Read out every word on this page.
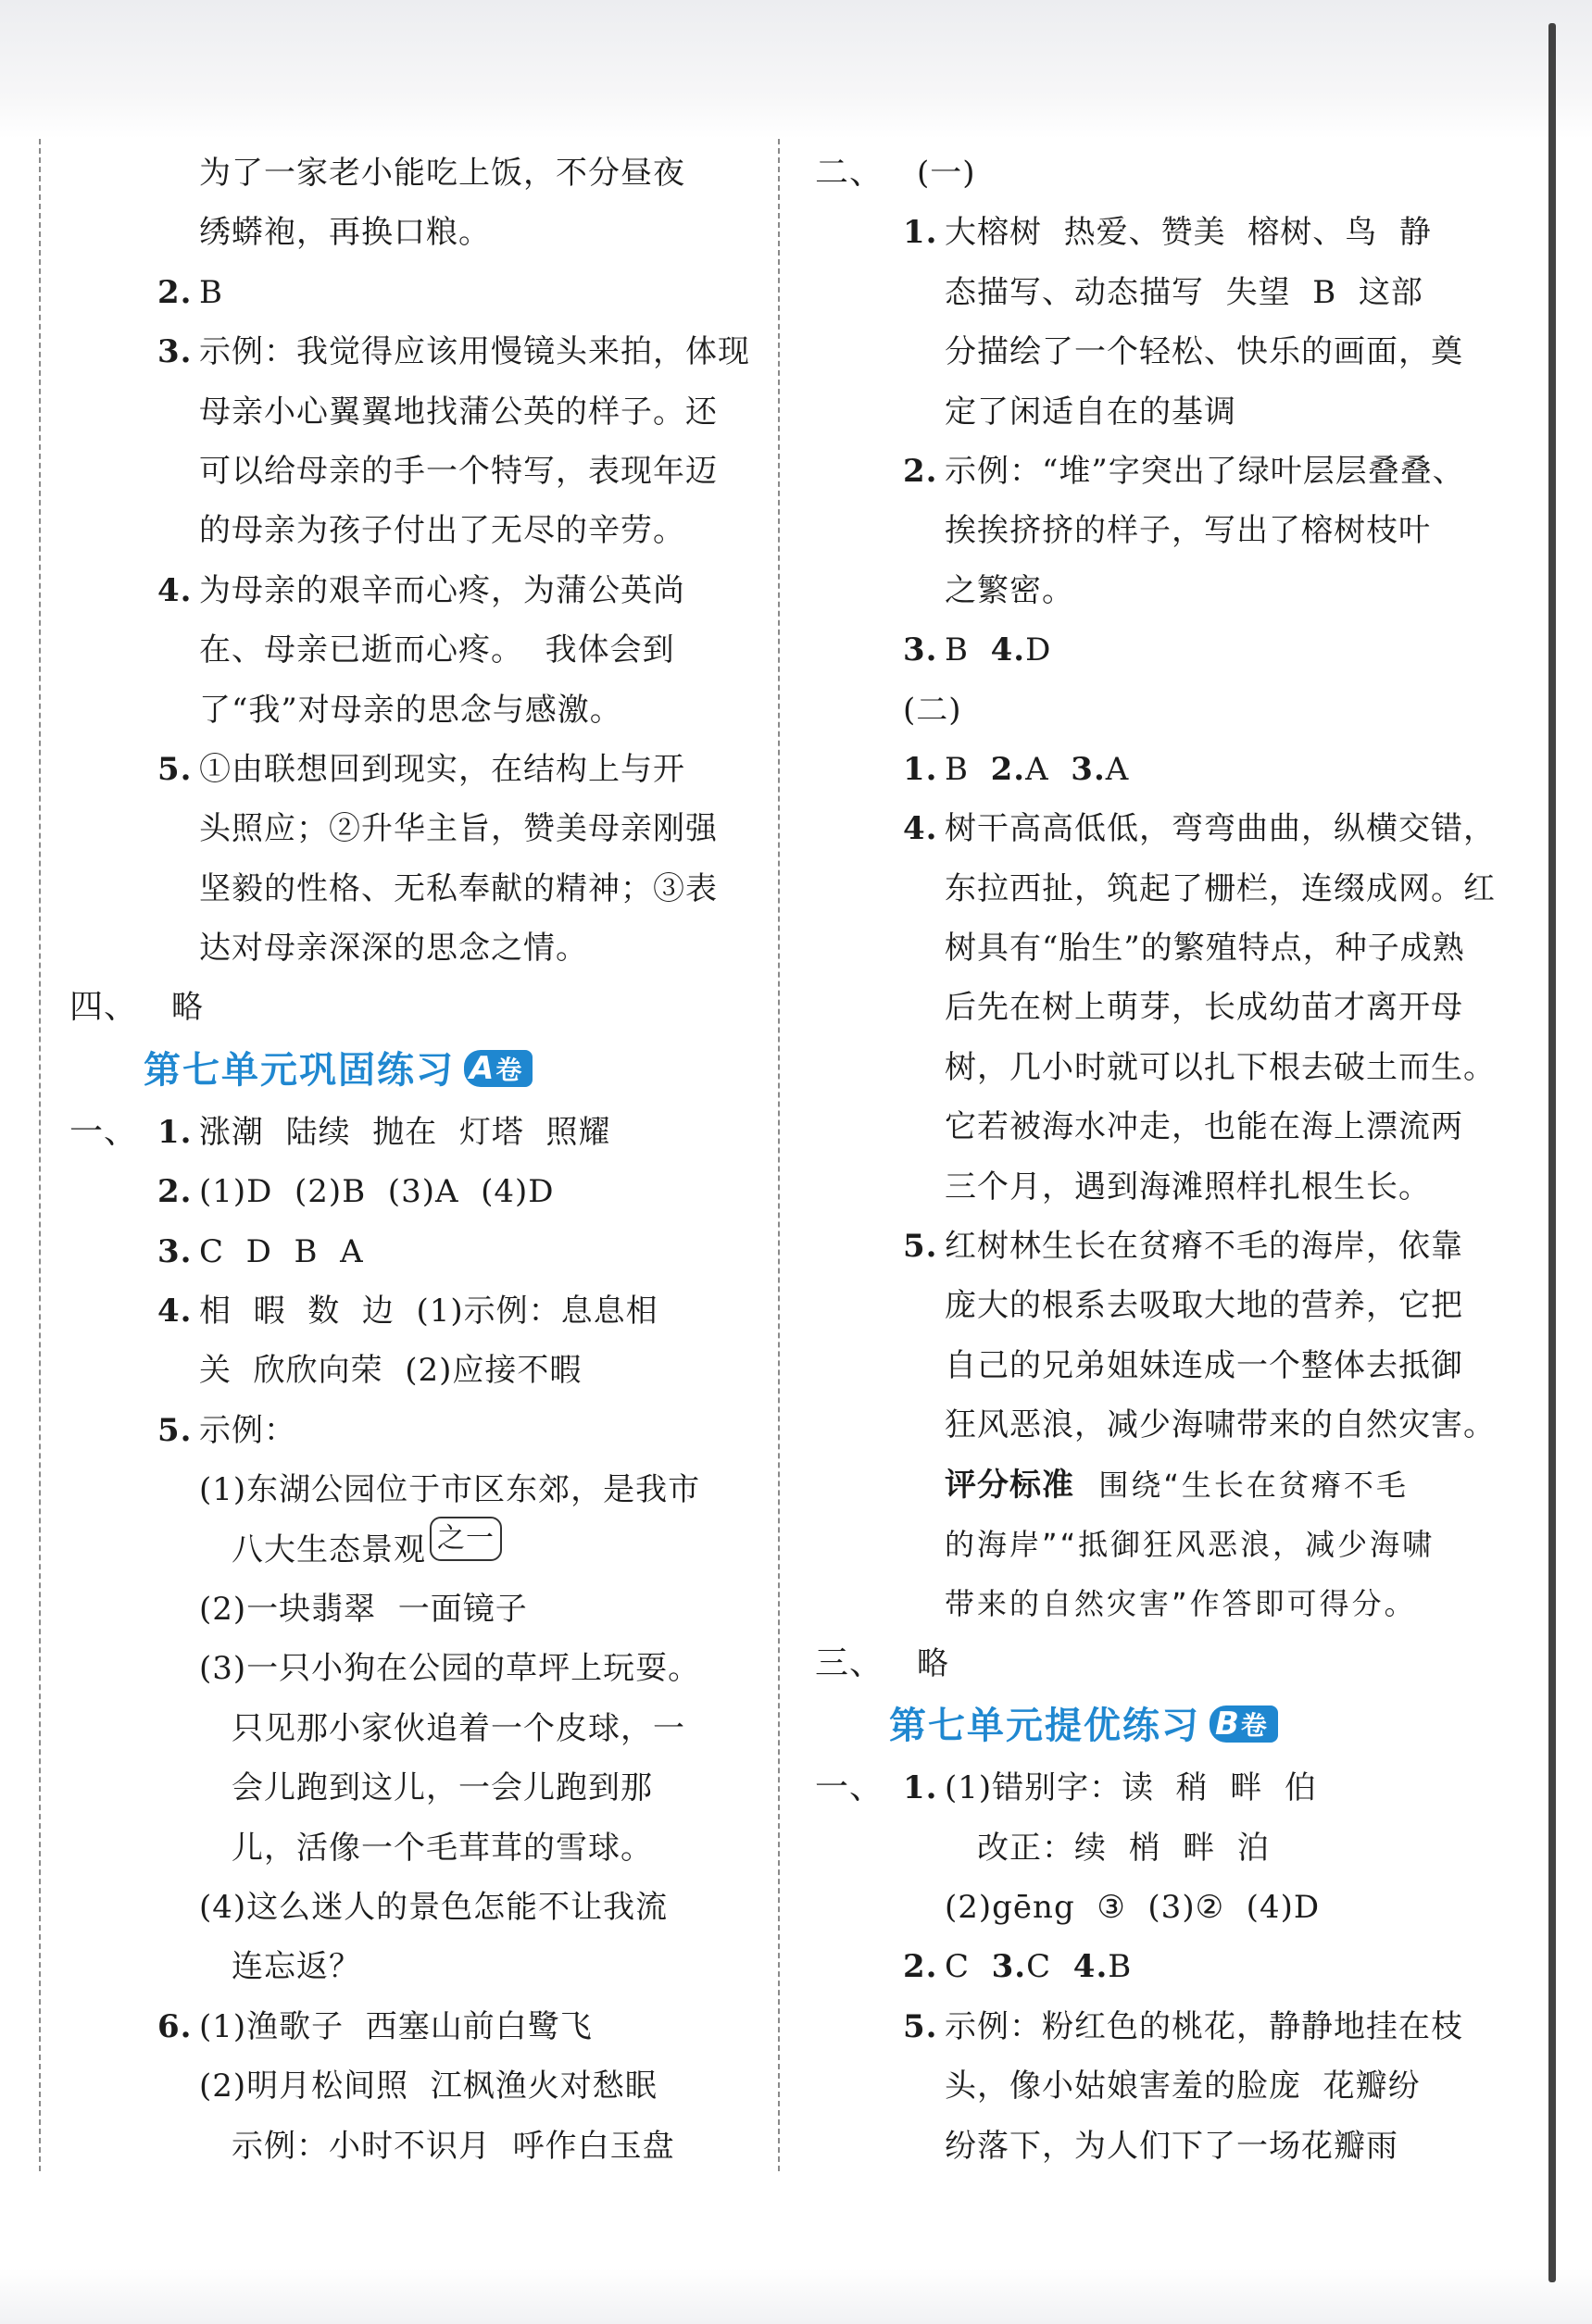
为了一家老小能吃上饭，不分昼夜
绣蟒袍，再换口粮。
2. B
3. 示例：我觉得应该用慢镜头来拍，体现
母亲小心翼翼地找蒲公英的样子。还
可以给母亲的手一个特写，表现年迈
的母亲为孩子付出了无尽的辛劳。
4. 为母亲的艰辛而心疼，为蒲公英尚
在、母亲已逝而心疼。  我体会到
了“我”对母亲的思念与感激。
5. ①由联想回到现实，在结构上与开
头照应；②升华主旨，赞美母亲刚强
坚毅的性格、无私奉献的精神；③表
达对母亲深深的思念之情。
四、 略
第七单元巩固练习 A卷
一、 1. 涨潮  陆续  抛在  灯塔  照耀
2. (1)D  (2)B  (3)A  (4)D
3. C  D  B  A
4. 相  暇  数  边  (1)示例：息息相
关  欣欣向荣  (2)应接不暇
5. 示例：
(1)东湖公园位于市区东郊，是我市
八大生态景观 之一
(2)一块翡翠  一面镜子
(3)一只小狗在公园的草坪上玩耍。
只见那小家伙追着一个皮球，一
会儿跑到这儿，一会儿跑到那
儿，活像一个毛茸茸的雪球。
(4)这么迷人的景色怎能不让我流
连忘返？
6. (1)渔歌子  西塞山前白鹭飞
(2)明月松间照  江枫渔火对愁眠
示例：小时不识月  呼作白玉盘
二、 (一)
1. 大榕树  热爱、赞美  榕树、鸟  静
态描写、动态描写  失望  B  这部
分描绘了一个轻松、快乐的画面，奠
定了闲适自在的基调
2. 示例：“堆”字突出了绿叶层层叠叠、
挨挨挤挤的样子，写出了榕树枝叶
之繁密。
3. B  4.D
(二)
1. B  2.A  3.A
4. 树干高高低低，弯弯曲曲，纵横交错，
东拉西扯，筑起了栅栏，连缀成网。红
树具有“胎生”的繁殖特点，种子成熟
后先在树上萌芽，长成幼苗才离开母
树，几小时就可以扎下根去破土而生。
它若被海水冲走，也能在海上漂流两
三个月，遇到海滩照样扎根生长。
5. 红树林生长在贫瘠不毛的海岸，依靠
庞大的根系去吸取大地的营养，它把
自己的兄弟姐妹连成一个整体去抵御
狂风恶浪，减少海啸带来的自然灾害。
评分标准  围绕“生长在贫瘠不毛
的海岸”“抵御狂风恶浪，减少海啸
带来的自然灾害”作答即可得分。
三、 略
第七单元提优练习 B卷
一、 1. (1)错别字：读  稍  畔  伯
改正：续  梢  畔  泊
(2)gēng  ③  (3)②  (4)D
2. C  3.C  4.B
5. 示例：粉红色的桃花，静静地挂在枝
头，像小姑娘害羞的脸庞  花瓣纷
纷落下，为人们下了一场花瓣雨
